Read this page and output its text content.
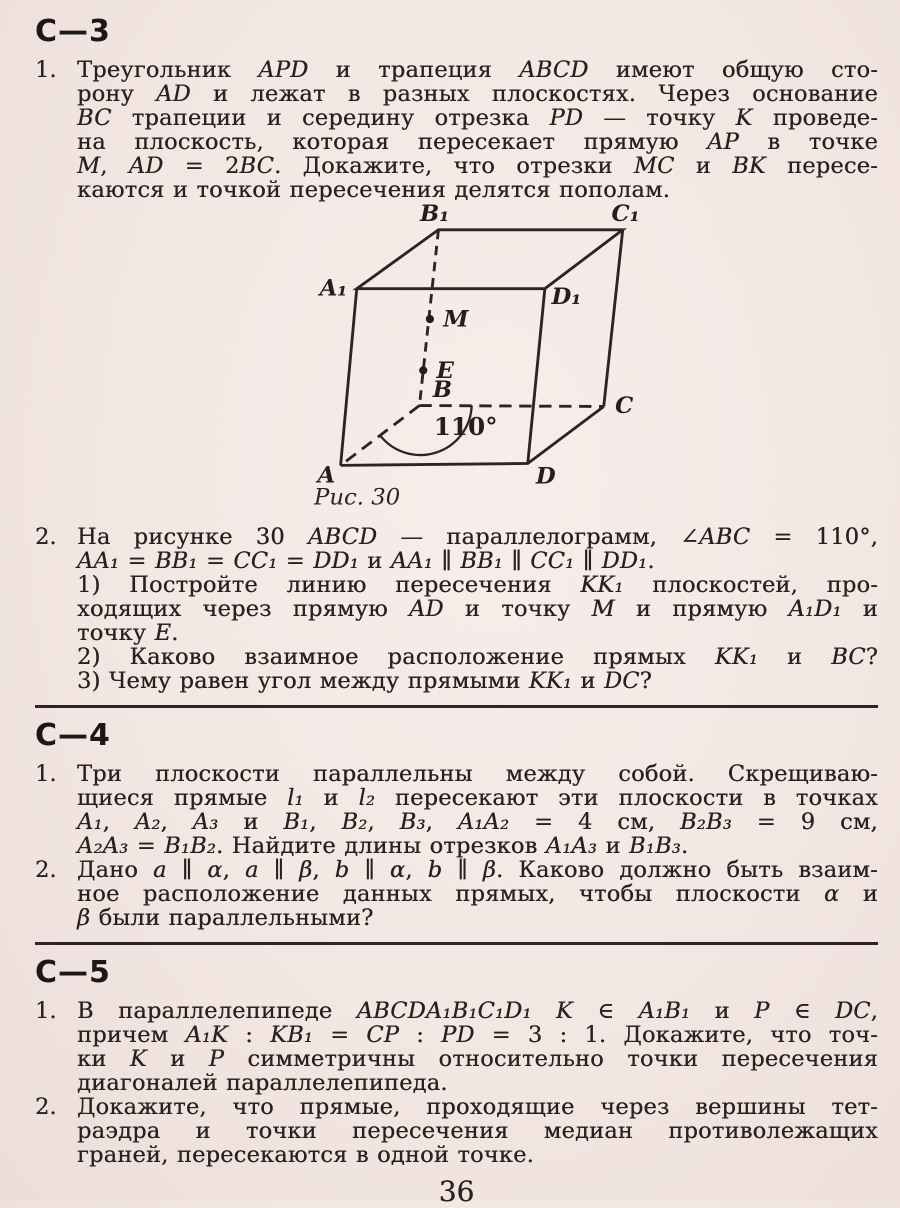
С—3
1. Треугольник APD и трапеция ABCD имеют общую сто-
рону AD и лежат в разных плоскостях. Через основание
BC трапеции и середину отрезка PD — точку K проведе-
на плоскость, которая пересекает прямую AP в точке
M, AD = 2BC. Докажите, что отрезки MC и BK пересе-
каются и точкой пересечения делятся пополам.
B₁	C₁
A₁	D₁
M
E
B
C
A	D
110°
Рис. 30
2. На рисунке 30 ABCD — параллелограмм, ∠ABC = 110°,
AA₁ = BB₁ = CC₁ = DD₁ и AA₁ ∥ BB₁ ∥ CC₁ ∥ DD₁.
1) Постройте линию пересечения KK₁ плоскостей, про-
ходящих через прямую AD и точку M и прямую A₁D₁ и
точку E.
2) Каково взаимное расположение прямых KK₁ и BC?
3) Чему равен угол между прямыми KK₁ и DC?
С—4
1. Три плоскости параллельны между собой. Скрещиваю-
щиеся прямые l₁ и l₂ пересекают эти плоскости в точках
A₁, A₂, A₃ и B₁, B₂, B₃, A₁A₂ = 4 см, B₂B₃ = 9 см,
A₂A₃ = B₁B₂. Найдите длины отрезков A₁A₃ и B₁B₃.
2. Дано a ∥ α, a ∥ β, b ∥ α, b ∥ β. Каково должно быть взаим-
ное расположение данных прямых, чтобы плоскости α и
β были параллельными?
С—5
1. В параллелепипеде ABCDA₁B₁C₁D₁ K ∈ A₁B₁ и P ∈ DC,
причем A₁K : KB₁ = CP : PD = 3 : 1. Докажите, что точ-
ки K и P симметричны относительно точки пересечения
диагоналей параллелепипеда.
2. Докажите, что прямые, проходящие через вершины тет-
раэдра и точки пересечения медиан противолежащих
граней, пересекаются в одной точке.
36
